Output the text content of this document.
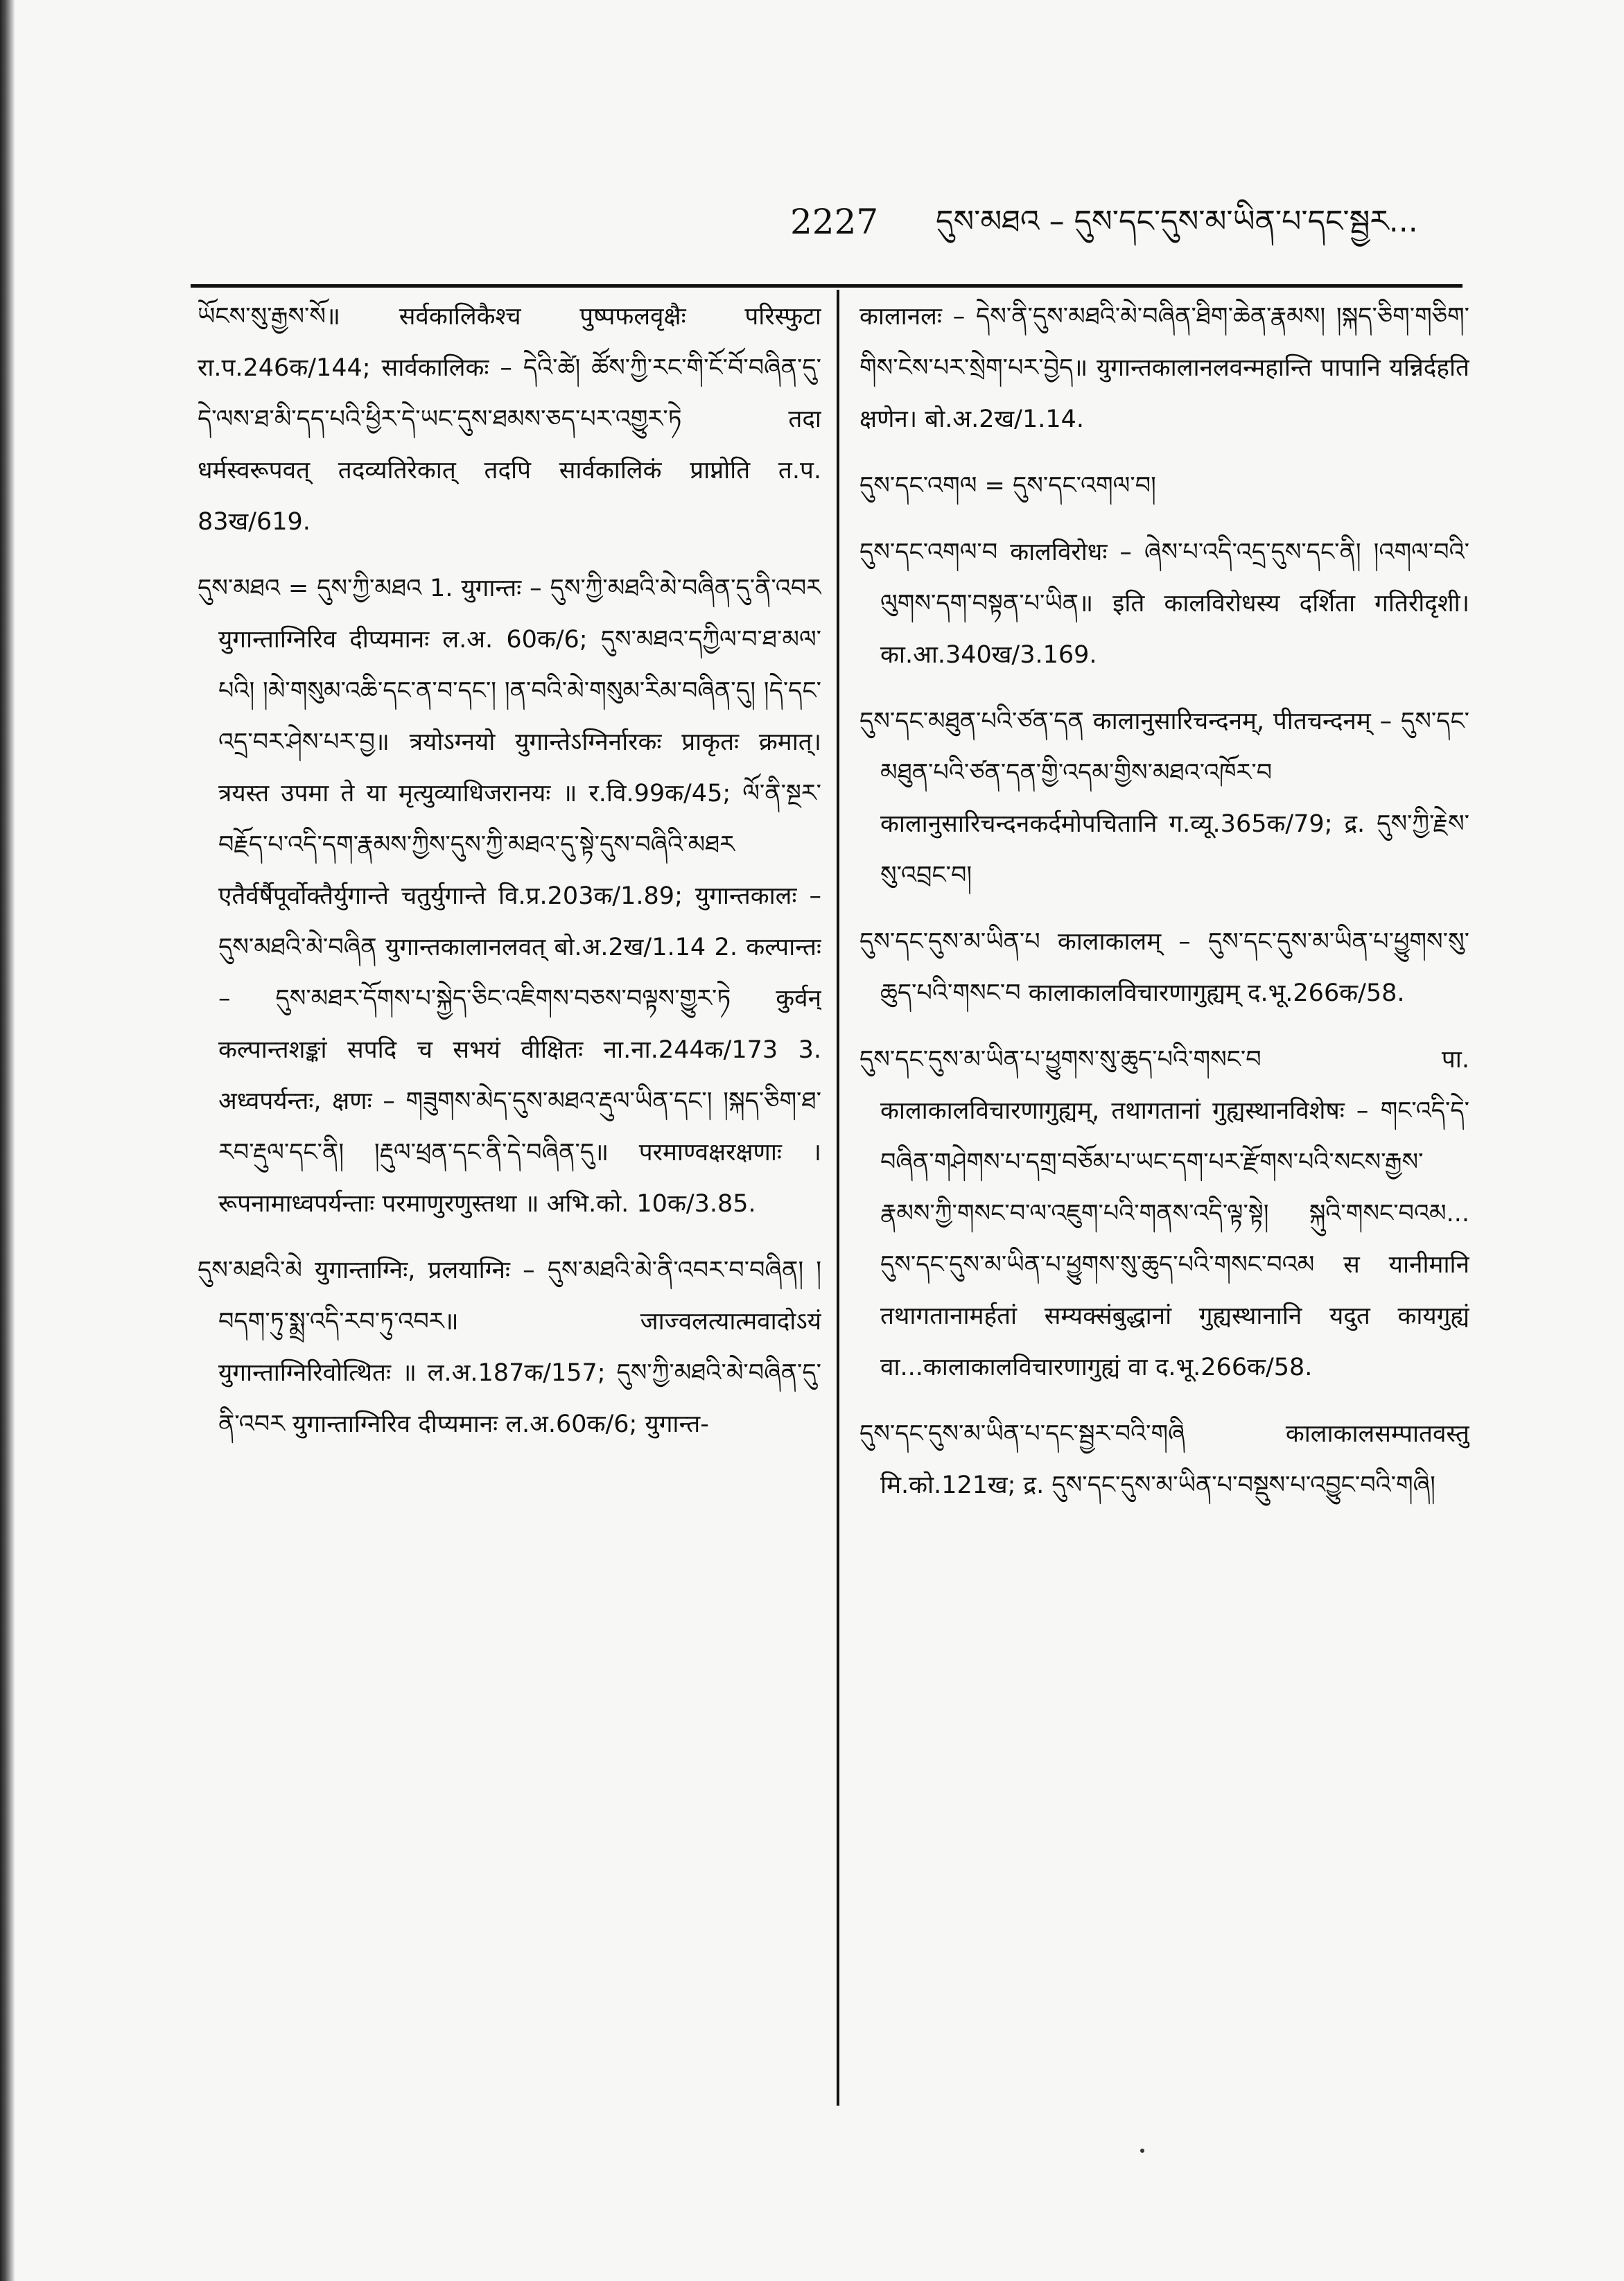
2227 དུས་མཐའ – དུས་དང་དུས་མ་ཡིན་པ་དང་སྦྱར...

ཡོངས་སུ་རྒྱས་སོ॥ सर्वकालिकैश्च पुष्पफलवृक्षैः परिस्फुटा रा.प.246क/144; सार्वकालिकः – དེའི་ཚེ། ཚོས་ཀྱི་རང་གི་ངོ་བོ་བཞིན་དུ་དེ་ལས་ཐ་མི་དད་པའི་ཕྱིར་དེ་ཡང་དུས་ཐམས་ཅད་པར་འགྱུར་ཏེ तदा धर्मस्वरूपवत् तदव्यतिरेकात् तदपि सार्वकालिकं प्राप्नोति त.प. 83ख/619.

དུས་མཐའ = དུས་ཀྱི་མཐའ 1. युगान्तः – དུས་ཀྱི་མཐའི་མེ་བཞིན་དུ་ནི་འབར युगान्ताग्निरिव दीप्यमानः ल.अ. 60क/6; དུས་མཐའ་དཀྱིལ་བ་ཐ་མལ་པའི། །མེ་གསུམ་འཆི་དང་ན་བ་དང་། །ན་བའི་མེ་གསུམ་རིམ་བཞིན་དུ། །དེ་དང་འདྲ་བར་ཤེས་པར་བྱ॥ त्रयोऽग्नयो युगान्तेऽग्निर्नारकः प्राकृतः क्रमात्। त्रयस्त उपमा ते या मृत्युव्याधिजरानयः ॥ र.वि.99क/45; ལོ་ནི་སྔར་བརྗོད་པ་འདི་དག་རྣམས་ཀྱིས་དུས་ཀྱི་མཐའ་དུ་སྟེ་དུས་བཞིའི་མཐར एतैर्वर्षैपूर्वोक्तैर्युगान्ते चतुर्युगान्ते वि.प्र.203क/1.89; युगान्तकालः – དུས་མཐའི་མེ་བཞིན युगान्तकालानलवत् बो.अ.2ख/1.14 2. कल्पान्तः – དུས་མཐར་དོགས་པ་སྐྱེད་ཅིང་འཇིགས་བཅས་བལྟས་གྱུར་ཏེ कुर्वन् कल्पान्तशङ्कां सपदि च सभयं वीक्षितः ना.ना.244क/173 3. अध्वपर्यन्तः, क्षणः – གཟུགས་མེད་དུས་མཐའ་རྡུལ་ཡིན་དང་། །སྐད་ཅིག་ཐ་རབ་རྡུལ་དང་ནི། །རྡུལ་ཕྲན་དང་ནི་དེ་བཞིན་དུ॥ परमाण्वक्षरक्षणाः । रूपनामाध्वपर्यन्ताः परमाणुरणुस्तथा ॥ अभि.को. 10क/3.85.

དུས་མཐའི་མེ युगान्ताग्निः, प्रलयाग्निः – དུས་མཐའི་མེ་ནི་འབར་བ་བཞིན། །བདག་ཏུ་སྨྲ་འདི་རབ་ཏུ་འབར॥ जाज्वलत्यात्मवादोऽयं युगान्ताग्निरिवोत्थितः ॥ ल.अ.187क/157; དུས་ཀྱི་མཐའི་མེ་བཞིན་དུ་ནི་འབར युगान्ताग्निरिव दीप्यमानः ल.अ.60क/6; युगान्त-

कालानलः – དེས་ནི་དུས་མཐའི་མེ་བཞིན་ཐིག་ཆེན་རྣམས། །སྐད་ཅིག་གཅིག་གིས་ངེས་པར་སྲེག་པར་བྱེད॥ युगान्तकालानलवन्महान्ति पापानि यन्निर्दहति क्षणेन। बो.अ.2ख/1.14.

དུས་དང་འགལ = དུས་དང་འགལ་བ།

དུས་དང་འགལ་བ कालविरोधः – ཞེས་པ་འདི་འདྲ་དུས་དང་ནི། །འགལ་བའི་ལུགས་དག་བསྟན་པ་ཡིན॥ इति कालविरोधस्य दर्शिता गतिरीदृशी। का.आ.340ख/3.169.

དུས་དང་མཐུན་པའི་ཙན་དན कालानुसारिचन्दनम्, पीतचन्दनम् – དུས་དང་མཐུན་པའི་ཙན་དན་གྱི་འདམ་གྱིས་མཐའ་འཁོར་བ कालानुसारिचन्दनकर्दमोपचितानि ग.व्यू.365क/79; द्र. དུས་ཀྱི་རྗེས་སུ་འབྲང་བ།

དུས་དང་དུས་མ་ཡིན་པ कालाकालम् – དུས་དང་དུས་མ་ཡིན་པ་ཕྱུགས་སུ་ཆུད་པའི་གསང་བ कालाकालविचारणागुह्यम् द.भू.266क/58.

དུས་དང་དུས་མ་ཡིན་པ་ཕྱུགས་སུ་ཆུད་པའི་གསང་བ पा. कालाकालविचारणागुह्यम्, तथागतानां गुह्यस्थानविशेषः – གང་འདི་དེ་བཞིན་གཤེགས་པ་དགྲ་བཅོམ་པ་ཡང་དག་པར་རྫོགས་པའི་སངས་རྒྱས་རྣམས་ཀྱི་གསང་བ་ལ་འཇུག་པའི་གནས་འདི་ལྟ་སྟེ། སྐུའི་གསང་བའམ... དུས་དང་དུས་མ་ཡིན་པ་ཕྱུགས་སུ་ཆུད་པའི་གསང་བའམ स यानीमानि तथागतानामर्हतां सम्यक्संबुद्धानां गुह्यस्थानानि यदुत कायगुह्यं वा...कालाकालविचारणागुह्यं वा द.भू.266क/58.

དུས་དང་དུས་མ་ཡིན་པ་དང་སྦྱར་བའི་གཞི कालाकालसम्पातवस्तु मि.को.121ख; द्र. དུས་དང་དུས་མ་ཡིན་པ་བསྡུས་པ་འབྱུང་བའི་གཞི།
